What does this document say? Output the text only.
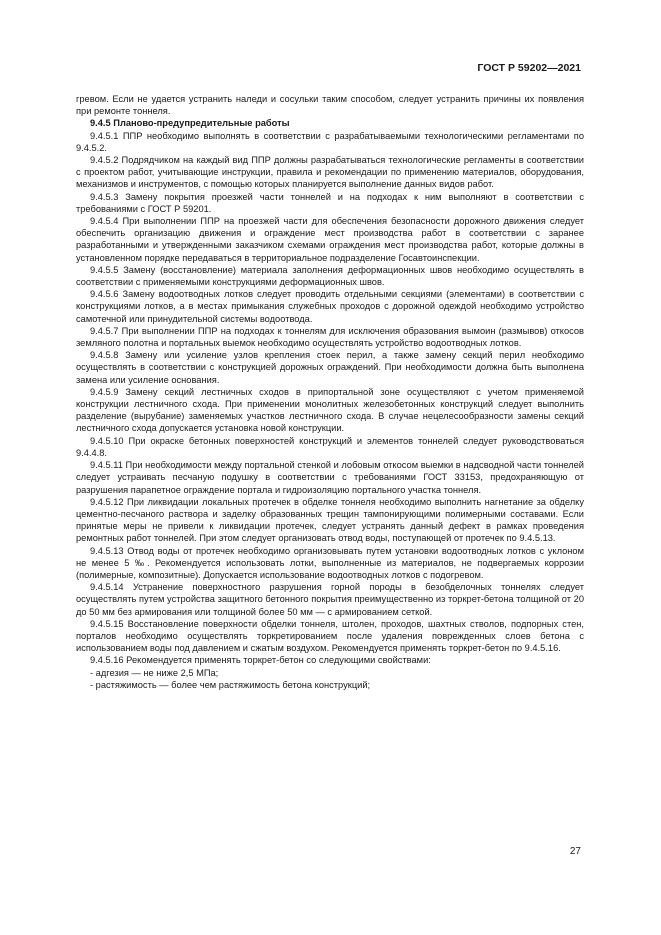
ГОСТ Р 59202—2021

гревом. Если не удается устранить наледи и сосульки таким способом, следует устранить причины их появления при ремонте тоннеля.

9.4.5 Планово-предупредительные работы

9.4.5.1 ППР необходимо выполнять в соответствии с разрабатываемыми технологическими регламентами по 9.4.5.2.

9.4.5.2 Подрядчиком на каждый вид ППР должны разрабатываться технологические регламенты в соответствии с проектом работ, учитывающие инструкции, правила и рекомендации по применению материалов, оборудования, механизмов и инструментов, с помощью которых планируется выполнение данных видов работ.

9.4.5.3 Замену покрытия проезжей части тоннелей и на подходах к ним выполняют в соответствии с требованиями с ГОСТ Р 59201.

9.4.5.4 При выполнении ППР на проезжей части для обеспечения безопасности дорожного движения следует обеспечить организацию движения и ограждение мест производства работ в соответствии с заранее разработанными и утвержденными заказчиком схемами ограждения мест производства работ, которые должны в установленном порядке передаваться в территориальное подразделение Госавтоинспекции.

9.4.5.5 Замену (восстановление) материала заполнения деформационных швов необходимо осуществлять в соответствии с применяемыми конструкциями деформационных швов.

9.4.5.6 Замену водоотводных лотков следует проводить отдельными секциями (элементами) в соответствии с конструкциями лотков, а в местах примыкания служебных проходов с дорожной одеждой необходимо устройство самотечной или принудительной системы водоотвода.

9.4.5.7 При выполнении ППР на подходах к тоннелям для исключения образования вымоин (размывов) откосов земляного полотна и портальных выемок необходимо осуществлять устройство водоотводных лотков.

9.4.5.8 Замену или усиление узлов крепления стоек перил, а также замену секций перил необходимо осуществлять в соответствии с конструкцией дорожных ограждений. При необходимости должна быть выполнена замена или усиление основания.

9.4.5.9 Замену секций лестничных сходов в припортальной зоне осуществляют с учетом применяемой конструкции лестничного схода. При применении монолитных железобетонных конструкций следует выполнить разделение (вырубание) заменяемых участков лестничного схода. В случае нецелесообразности замены секций лестничного схода допускается установка новой конструкции.

9.4.5.10 При окраске бетонных поверхностей конструкций и элементов тоннелей следует руководствоваться 9.4.4.8.

9.4.5.11 При необходимости между портальной стенкой и лобовым откосом выемки в надсводной части тоннелей следует устраивать песчаную подушку в соответствии с требованиями ГОСТ 33153, предохраняющую от разрушения парапетное ограждение портала и гидроизоляцию портального участка тоннеля.

9.4.5.12 При ликвидации локальных протечек в обделке тоннеля необходимо выполнить нагнетание за обделку цементно-песчаного раствора и заделку образованных трещин тампонирующими полимерными составами. Если принятые меры не привели к ликвидации протечек, следует устранять данный дефект в рамках проведения ремонтных работ тоннелей. При этом следует организовать отвод воды, поступающей от протечек по 9.4.5.13.

9.4.5.13 Отвод воды от протечек необходимо организовывать путем установки водоотводных лотков с уклоном не менее 5 ‰. Рекомендуется использовать лотки, выполненные из материалов, не подвергаемых коррозии (полимерные, композитные). Допускается использование водоотводных лотков с подогревом.

9.4.5.14 Устранение поверхностного разрушения горной породы в безобделочных тоннелях следует осуществлять путем устройства защитного бетонного покрытия преимущественно из торкрет-бетона толщиной от 20 до 50 мм без армирования или толщиной более 50 мм — с армированием сеткой.

9.4.5.15 Восстановление поверхности обделки тоннеля, штолен, проходов, шахтных стволов, подпорных стен, порталов необходимо осуществлять торкретированием после удаления поврежденных слоев бетона с использованием воды под давлением и сжатым воздухом. Рекомендуется применять торкрет-бетон по 9.4.5.16.

9.4.5.16 Рекомендуется применять торкрет-бетон со следующими свойствами:

- адгезия — не ниже 2,5 МПа;

- растяжимость — более чем растяжимость бетона конструкций;

27
